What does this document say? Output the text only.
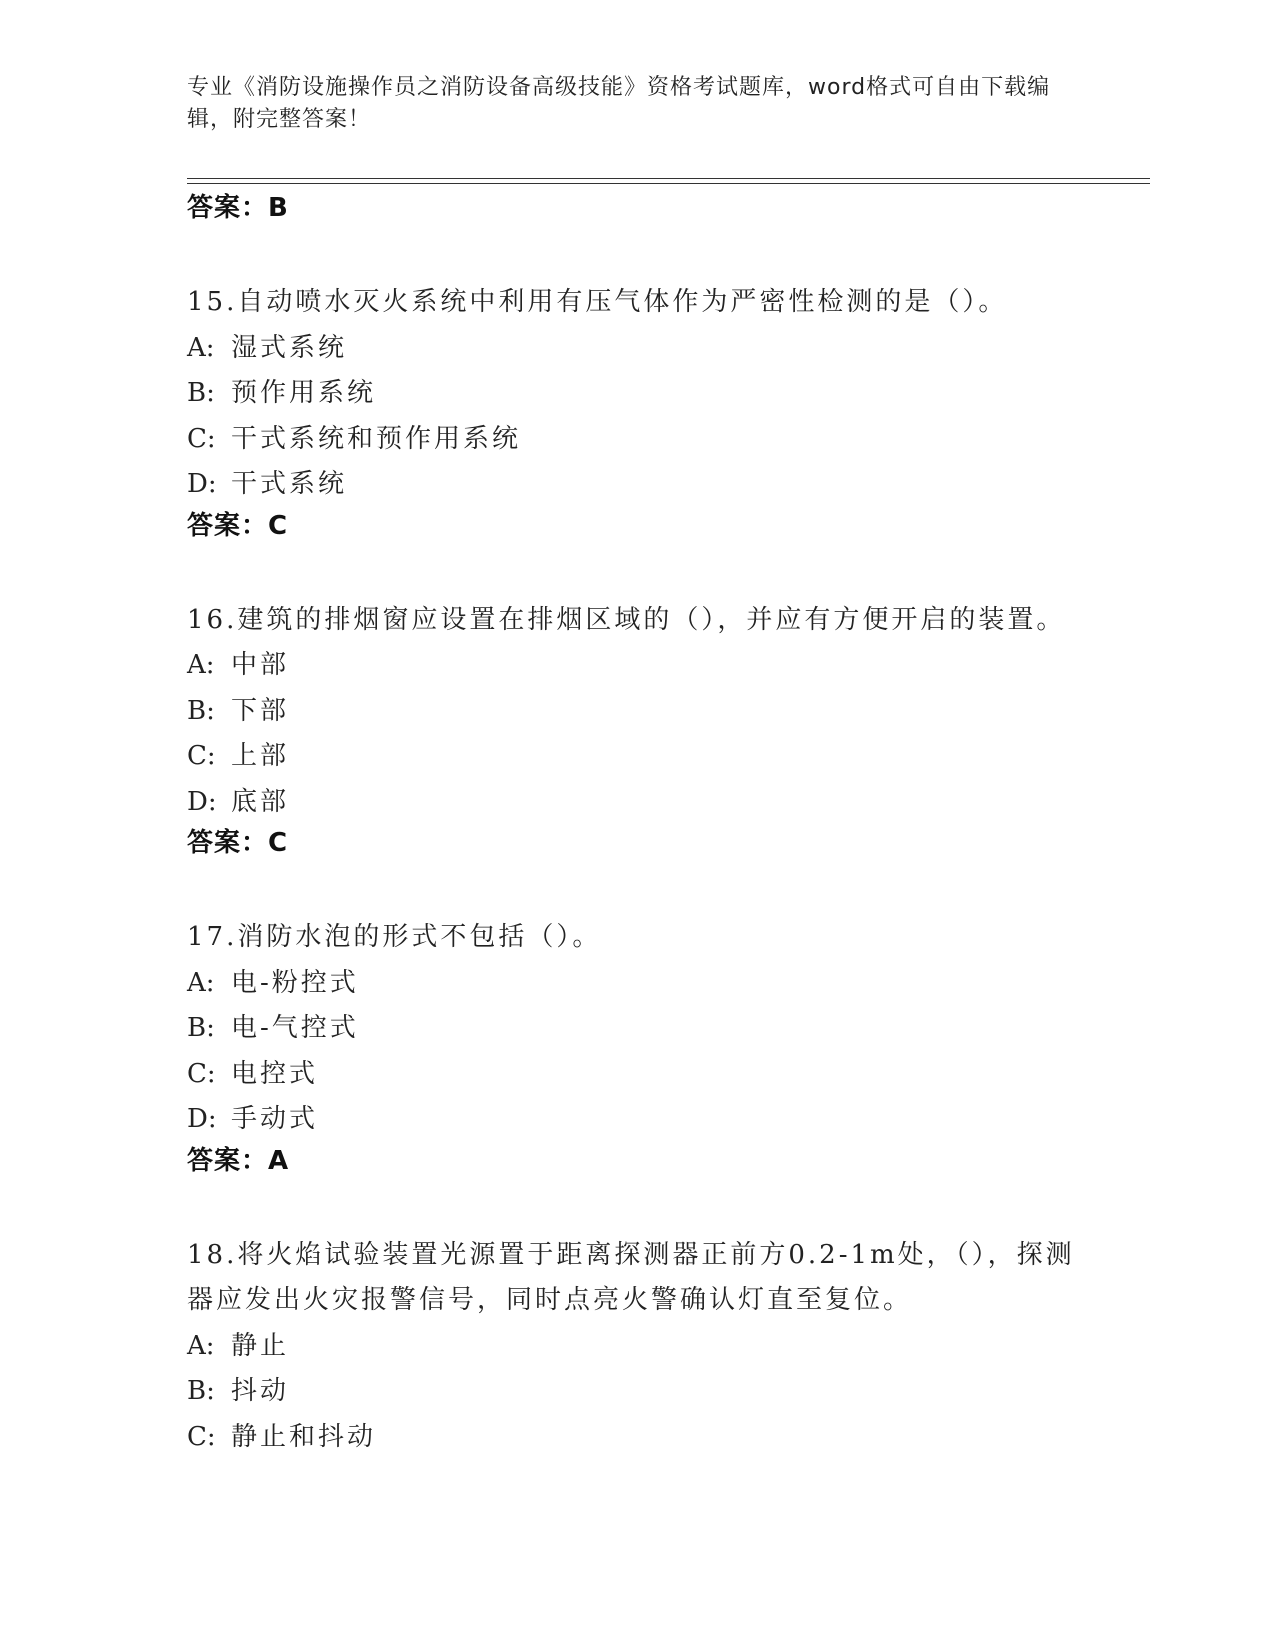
专业《消防设施操作员之消防设备高级技能》资格考试题库，word格式可自由下载编辑，附完整答案！
答案：B
15.自动喷水灭火系统中利用有压气体作为严密性检测的是（）。
A: 湿式系统
B: 预作用系统
C: 干式系统和预作用系统
D: 干式系统
答案：C
16.建筑的排烟窗应设置在排烟区域的（），并应有方便开启的装置。
A: 中部
B: 下部
C: 上部
D: 底部
答案：C
17.消防水泡的形式不包括（）。
A: 电-粉控式
B: 电-气控式
C: 电控式
D: 手动式
答案：A
18.将火焰试验装置光源置于距离探测器正前方0.2-1m处，（），探测器应发出火灾报警信号，同时点亮火警确认灯直至复位。
A: 静止
B: 抖动
C: 静止和抖动
